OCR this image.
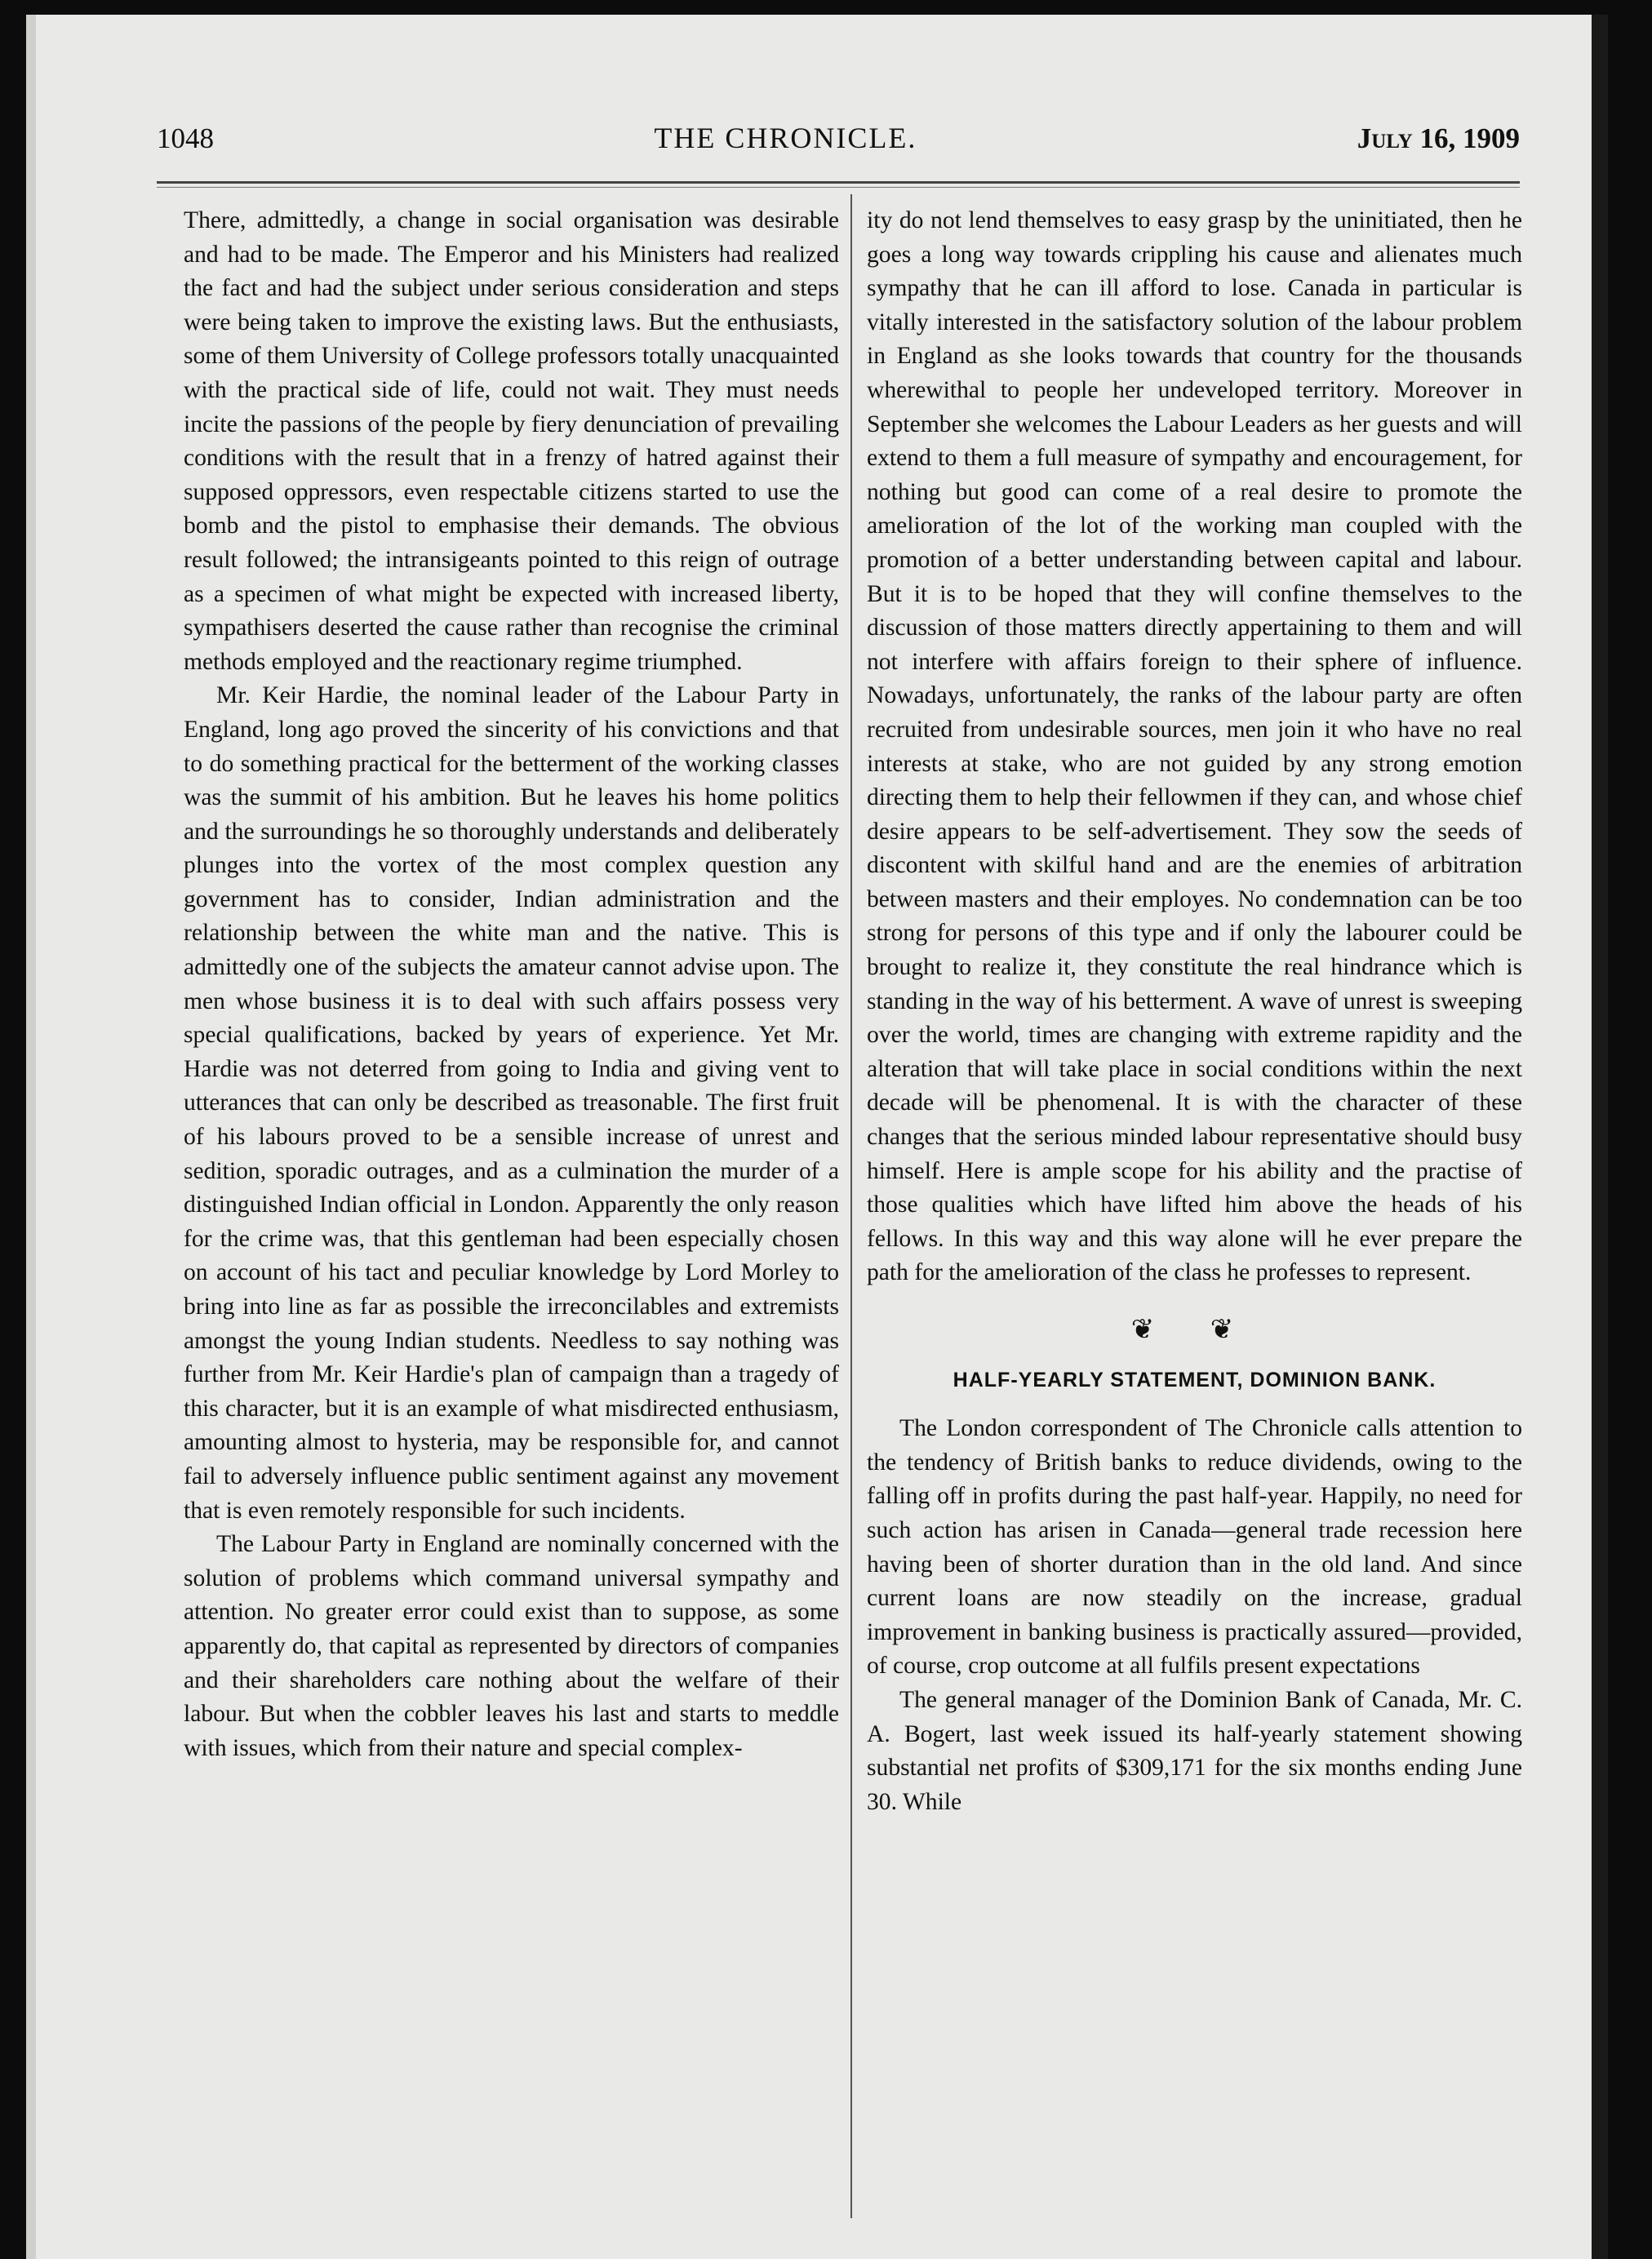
1048	THE CHRONICLE.	July 16, 1909

There, admittedly, a change in social organisation was desirable and had to be made. The Emperor and his Ministers had realized the fact and had the subject under serious consideration and steps were being taken to improve the existing laws. But the enthusiasts, some of them University of College professors totally unacquainted with the practical side of life, could not wait. They must needs incite the passions of the people by fiery denunciation of prevailing conditions with the result that in a frenzy of hatred against their supposed oppressors, even respectable citizens started to use the bomb and the pistol to emphasise their demands. The obvious result followed; the intransigeants pointed to this reign of outrage as a specimen of what might be expected with increased liberty, sympathisers deserted the cause rather than recognise the criminal methods employed and the reactionary regime triumphed.

Mr. Keir Hardie, the nominal leader of the Labour Party in England, long ago proved the sincerity of his convictions and that to do something practical for the betterment of the working classes was the summit of his ambition. But he leaves his home politics and the surroundings he so thoroughly understands and deliberately plunges into the vortex of the most complex question any government has to consider, Indian administration and the relationship between the white man and the native. This is admittedly one of the subjects the amateur cannot advise upon. The men whose business it is to deal with such affairs possess very special qualifications, backed by years of experience. Yet Mr. Hardie was not deterred from going to India and giving vent to utterances that can only be described as treasonable. The first fruit of his labours proved to be a sensible increase of unrest and sedition, sporadic outrages, and as a culmination the murder of a distinguished Indian official in London. Apparently the only reason for the crime was, that this gentleman had been especially chosen on account of his tact and peculiar knowledge by Lord Morley to bring into line as far as possible the irreconcilables and extremists amongst the young Indian students. Needless to say nothing was further from Mr. Keir Hardie's plan of campaign than a tragedy of this character, but it is an example of what misdirected enthusiasm, amounting almost to hysteria, may be responsible for, and cannot fail to adversely influence public sentiment against any movement that is even remotely responsible for such incidents.

The Labour Party in England are nominally concerned with the solution of problems which command universal sympathy and attention. No greater error could exist than to suppose, as some apparently do, that capital as represented by directors of companies and their shareholders care nothing about the welfare of their labour. But when the cobbler leaves his last and starts to meddle with issues, which from their nature and special complex-

ity do not lend themselves to easy grasp by the uninitiated, then he goes a long way towards crippling his cause and alienates much sympathy that he can ill afford to lose. Canada in particular is vitally interested in the satisfactory solution of the labour problem in England as she looks towards that country for the thousands wherewithal to people her undeveloped territory. Moreover in September she welcomes the Labour Leaders as her guests and will extend to them a full measure of sympathy and encouragement, for nothing but good can come of a real desire to promote the amelioration of the lot of the working man coupled with the promotion of a better understanding between capital and labour. But it is to be hoped that they will confine themselves to the discussion of those matters directly appertaining to them and will not interfere with affairs foreign to their sphere of influence. Nowadays, unfortunately, the ranks of the labour party are often recruited from undesirable sources, men join it who have no real interests at stake, who are not guided by any strong emotion directing them to help their fellowmen if they can, and whose chief desire appears to be self-advertisement. They sow the seeds of discontent with skilful hand and are the enemies of arbitration between masters and their employes. No condemnation can be too strong for persons of this type and if only the labourer could be brought to realize it, they constitute the real hindrance which is standing in the way of his betterment. A wave of unrest is sweeping over the world, times are changing with extreme rapidity and the alteration that will take place in social conditions within the next decade will be phenomenal. It is with the character of these changes that the serious minded labour representative should busy himself. Here is ample scope for his ability and the practise of those qualities which have lifted him above the heads of his fellows. In this way and this way alone will he ever prepare the path for the amelioration of the class he professes to represent.

❦ ❦
HALF-YEARLY STATEMENT, DOMINION BANK.

The London correspondent of The Chronicle calls attention to the tendency of British banks to reduce dividends, owing to the falling off in profits during the past half-year. Happily, no need for such action has arisen in Canada—general trade recession here having been of shorter duration than in the old land. And since current loans are now steadily on the increase, gradual improvement in banking business is practically assured—provided, of course, crop outcome at all fulfils present expectations

The general manager of the Dominion Bank of Canada, Mr. C. A. Bogert, last week issued its half-yearly statement showing substantial net profits of $309,171 for the six months ending June 30. While
